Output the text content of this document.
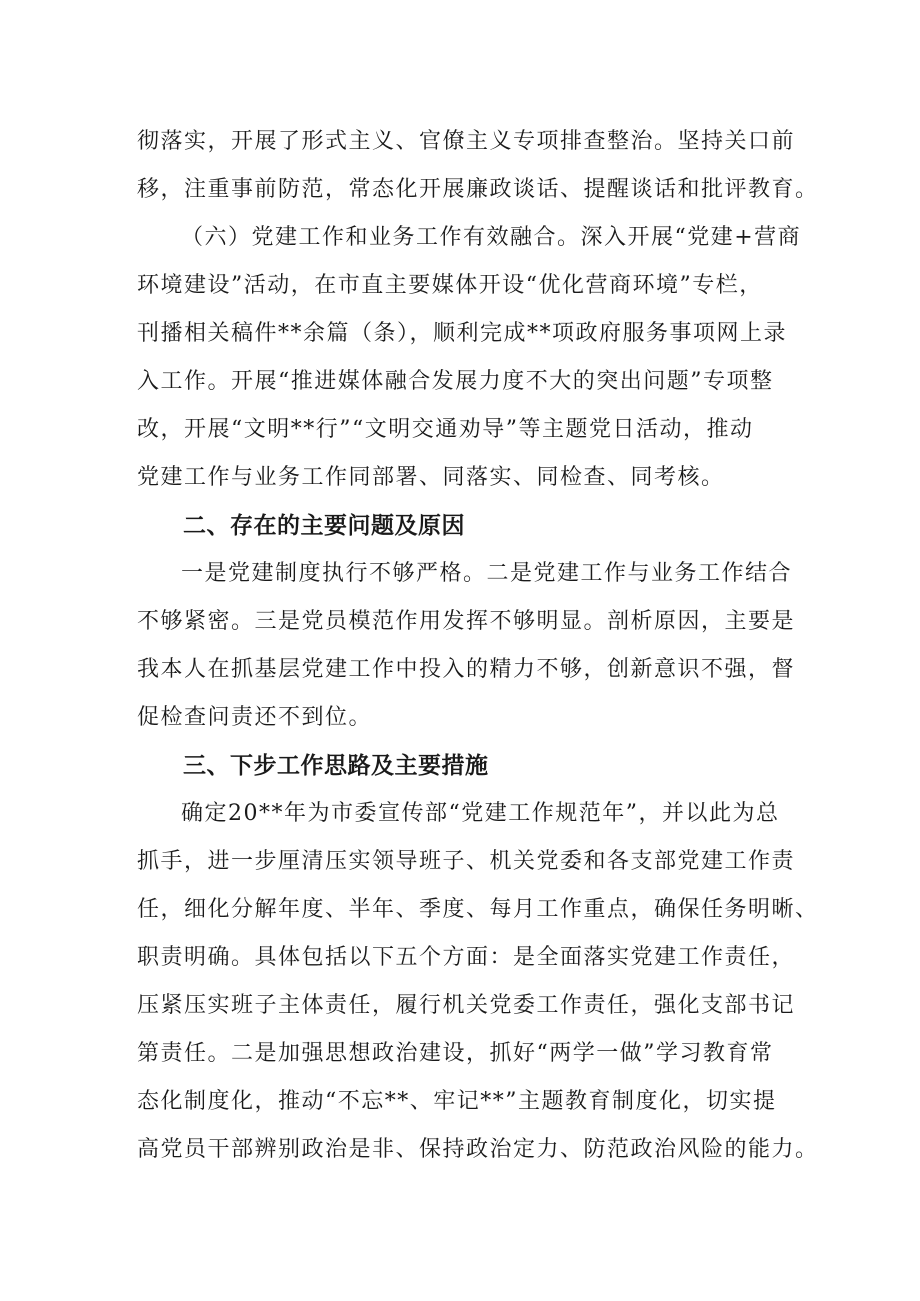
彻落实，开展了形式主义、官僚主义专项排查整治。坚持关口前
移，注重事前防范，常态化开展廉政谈话、提醒谈话和批评教育。

（六）党建工作和业务工作有效融合。深入开展“党建+营商
环境建设”活动，在市直主要媒体开设“优化营商环境”专栏，
刊播相关稿件**余篇（条），顺利完成**项政府服务事项网上录
入工作。开展“推进媒体融合发展力度不大的突出问题”专项整
改，开展“文明**行”“文明交通劝导”等主题党日活动，推动
党建工作与业务工作同部署、同落实、同检查、同考核。

二、存在的主要问题及原因

一是党建制度执行不够严格。二是党建工作与业务工作结合
不够紧密。三是党员模范作用发挥不够明显。剖析原因，主要是
我本人在抓基层党建工作中投入的精力不够，创新意识不强，督
促检查问责还不到位。

三、下步工作思路及主要措施

确定20**年为市委宣传部“党建工作规范年”，并以此为总
抓手，进一步厘清压实领导班子、机关党委和各支部党建工作责
任，细化分解年度、半年、季度、每月工作重点，确保任务明晰、
职责明确。具体包括以下五个方面：是全面落实党建工作责任，
压紧压实班子主体责任，履行机关党委工作责任，强化支部书记
第责任。二是加强思想政治建设，抓好“两学一做”学习教育常
态化制度化，推动“不忘**、牢记**”主题教育制度化，切实提
高党员干部辨别政治是非、保持政治定力、防范政治风险的能力。
